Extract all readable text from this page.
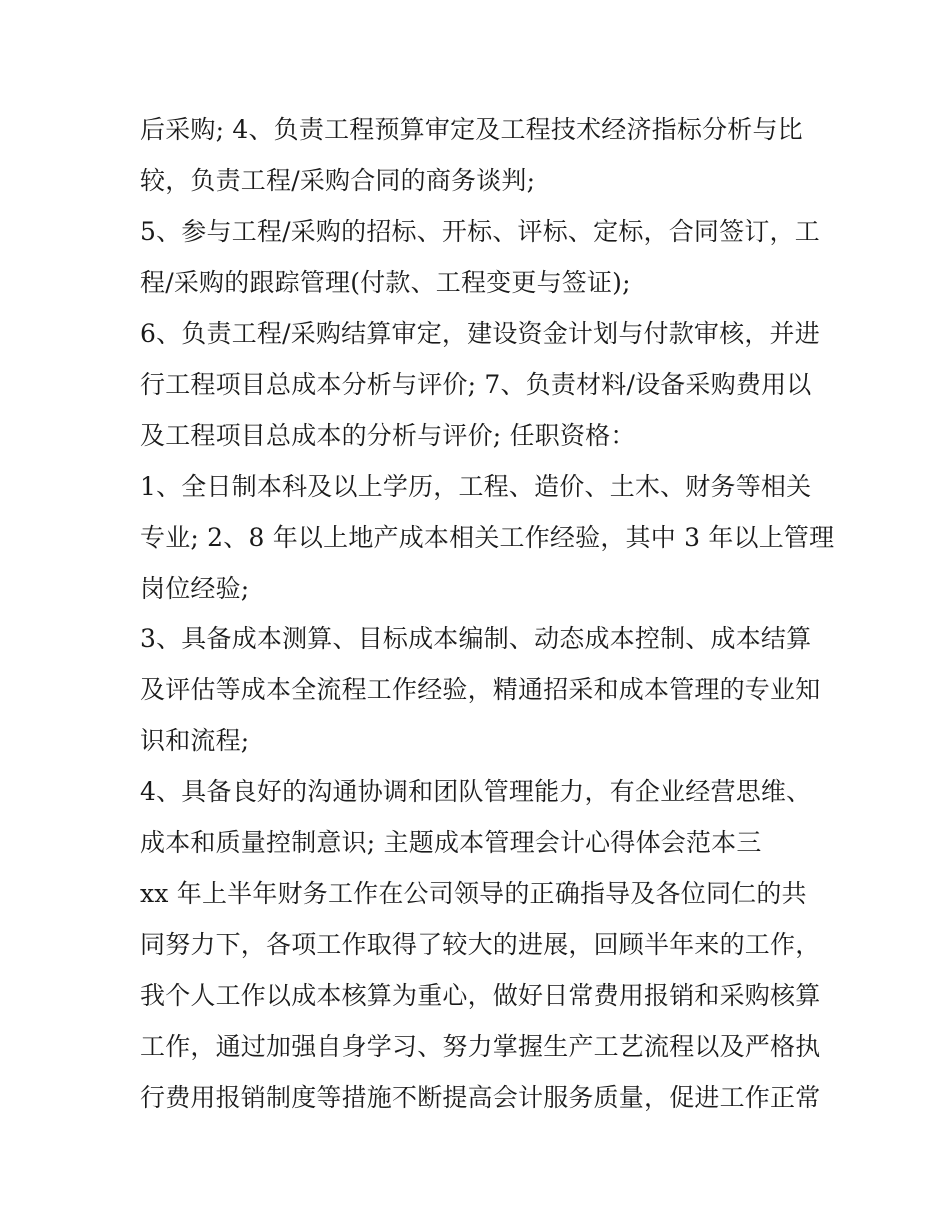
后采购; 4、负责工程预算审定及工程技术经济指标分析与比
较，负责工程/采购合同的商务谈判;
5、参与工程/采购的招标、开标、评标、定标，合同签订，工
程/采购的跟踪管理(付款、工程变更与签证);
6、负责工程/采购结算审定，建设资金计划与付款审核，并进
行工程项目总成本分析与评价; 7、负责材料/设备采购费用以
及工程项目总成本的分析与评价; 任职资格：
1、全日制本科及以上学历，工程、造价、土木、财务等相关
专业; 2、8 年以上地产成本相关工作经验，其中 3 年以上管理
岗位经验;
3、具备成本测算、目标成本编制、动态成本控制、成本结算
及评估等成本全流程工作经验，精通招采和成本管理的专业知
识和流程;
4、具备良好的沟通协调和团队管理能力，有企业经营思维、
成本和质量控制意识; 主题成本管理会计心得体会范本三
xx 年上半年财务工作在公司领导的正确指导及各位同仁的共
同努力下，各项工作取得了较大的进展，回顾半年来的工作，
我个人工作以成本核算为重心，做好日常费用报销和采购核算
工作，通过加强自身学习、努力掌握生产工艺流程以及严格执
行费用报销制度等措施不断提高会计服务质量，促进工作正常
